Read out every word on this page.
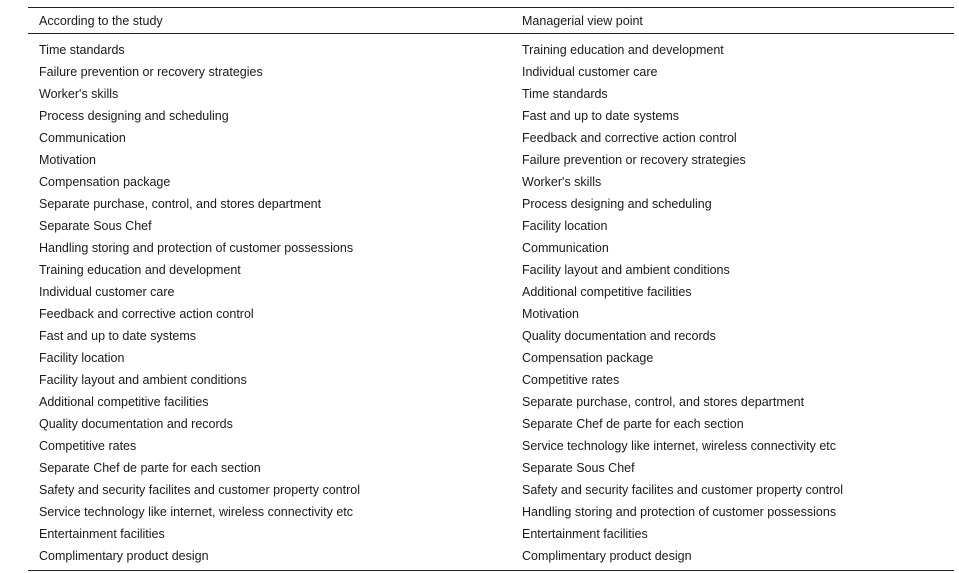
According to the study	Managerial view point
Time standards	Training education and development
Failure prevention or recovery strategies	Individual customer care
Worker's skills	Time standards
Process designing and scheduling	Fast and up to date systems
Communication	Feedback and corrective action control
Motivation	Failure prevention or recovery strategies
Compensation package	Worker's skills
Separate purchase, control, and stores department	Process designing and scheduling
Separate Sous Chef	Facility location
Handling storing and protection of customer possessions	Communication
Training education and development	Facility layout and ambient conditions
Individual customer care	Additional competitive facilities
Feedback and corrective action control	Motivation
Fast and up to date systems	Quality documentation and records
Facility location	Compensation package
Facility layout and ambient conditions	Competitive rates
Additional competitive facilities	Separate purchase, control, and stores department
Quality documentation and records	Separate Chef de parte for each section
Competitive rates	Service technology like internet, wireless connectivity etc
Separate Chef de parte for each section	Separate Sous Chef
Safety and security facilites and customer property control	Safety and security facilites and customer property control
Service technology like internet, wireless connectivity etc	Handling storing and protection of customer possessions
Entertainment facilities	Entertainment facilities
Complimentary product design	Complimentary product design
